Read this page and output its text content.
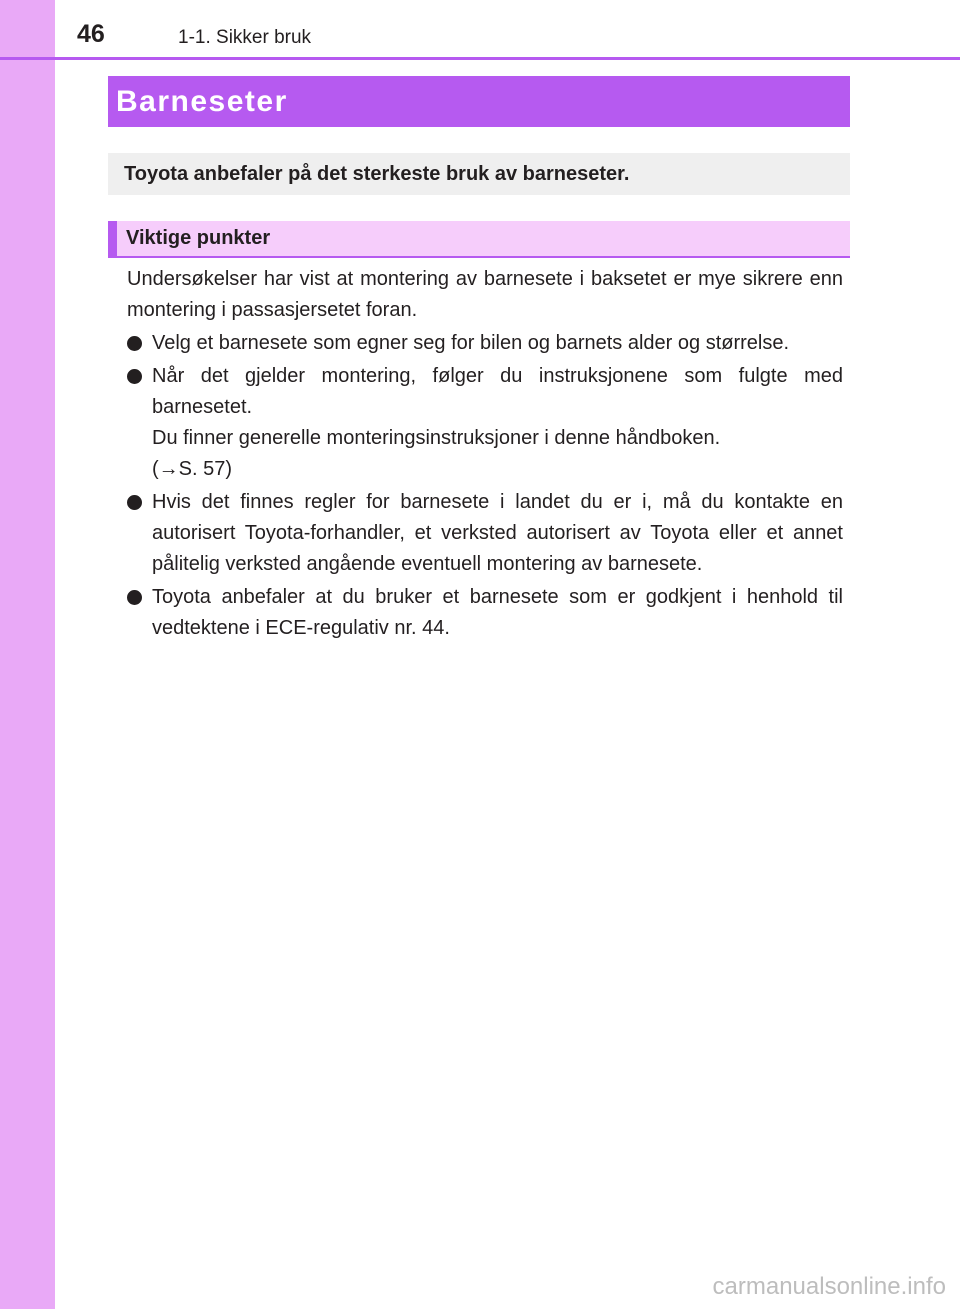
46	1-1. Sikker bruk
Barneseter
Toyota anbefaler på det sterkeste bruk av barneseter.
Viktige punkter

Undersøkelser har vist at montering av barnesete i baksetet er mye sikrere enn montering i passasjersetet foran.

Velg et barnesete som egner seg for bilen og barnets alder og størrelse.
Når det gjelder montering, følger du instruksjonene som fulgte med barnesetet.
Du finner generelle monteringsinstruksjoner i denne håndboken.
(→S. 57)
Hvis det finnes regler for barnesete i landet du er i, må du kontakte en autorisert Toyota-forhandler, et verksted autorisert av Toyota eller et annet pålitelig verksted angående eventuell montering av barnesete.
Toyota anbefaler at du bruker et barnesete som er godkjent i henhold til vedtektene i ECE-regulativ nr. 44.
carmanualsonline.info
